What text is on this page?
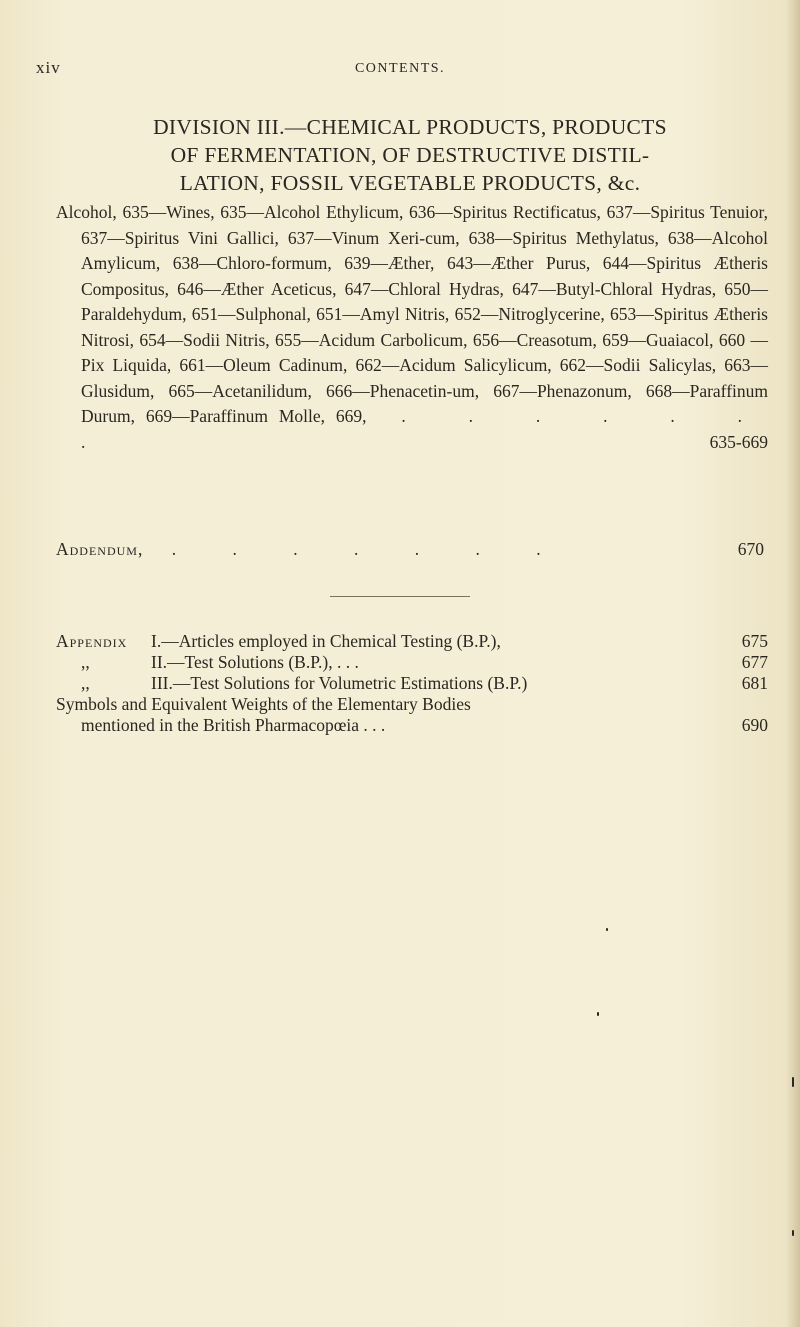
xiv	CONTENTS.
DIVISION III.—CHEMICAL PRODUCTS, PRODUCTS
OF FERMENTATION, OF DESTRUCTIVE DISTIL-
LATION, FOSSIL VEGETABLE PRODUCTS, &c.

Alcohol, 635—Wines, 635—Alcohol Ethylicum, 636—Spiritus Rectificatus, 637—Spiritus Tenuior, 637—Spiritus Vini Gallici, 637—Vinum Xeri-cum, 638—Spiritus Methylatus, 638—Alcohol Amylicum, 638—Chloro-formum, 639—Æther, 643—Æther Purus, 644—Spiritus Ætheris Compositus, 646—Æther Aceticus, 647—Chloral Hydras, 647—Butyl-Chloral Hydras, 650—Paraldehydum, 651—Sulphonal, 651—Amyl Nitris, 652—Nitroglycerine, 653—Spiritus Ætheris Nitrosi, 654—Sodii Nitris, 655—Acidum Carbolicum, 656—Creasotum, 659—Guaiacol, 660 —Pix Liquida, 661—Oleum Cadinum, 662—Acidum Salicylicum, 662—Sodii Salicylas, 663—Glusidum, 665—Acetanilidum, 666—Phenacetin-um, 667—Phenazonum, 668—Paraffinum Durum, 669—Paraffinum Molle, 669, . . . . . . .	635-669

Addendum, . . . . . . .	670
Appendix I.—Articles employed in Chemical Testing (B.P.),	675
,,	II.—Test Solutions (B.P.), . . .	677
,,	III.—Test Solutions for Volumetric Estimations (B.P.)	681
Symbols and Equivalent Weights of the Elementary Bodies
mentioned in the British Pharmacopœia . . .	690
